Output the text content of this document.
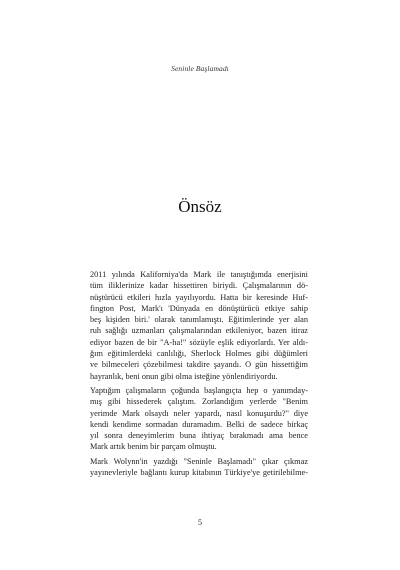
Seninle Başlamadı
Önsöz
2011 yılında Kaliforniya'da Mark ile tanıştığımda enerjisini
tüm iliklerinize kadar hissettiren biriydi. Çalışmalarının dö-
nüştürücü etkileri hızla yayılıyordu. Hatta bir keresinde Huf-
fington Post, Mark'ı 'Dünyada en dönüştürücü etkiye sahip
beş kişiden biri.' olarak tanımlamıştı. Eğitimlerinde yer alan
ruh sağlığı uzmanları çalışmalarından etkileniyor, bazen itiraz
ediyor bazen de bir "A-ha!" sözüyle eşlik ediyorlardı. Yer aldı-
ğım eğitimlerdeki canlılığı, Sherlock Holmes gibi düğümleri
ve bilmeceleri çözebilmesi takdire şayandı. O gün hissettiğim
hayranlık, beni onun gibi olma isteğine yönlendiriyordu.
Yaptığım çalışmaların çoğunda başlangıçta hep o yanımday-
mış gibi hissederek çalıştım. Zorlandığım yerlerde "Benim
yerimde Mark olsaydı neler yapardı, nasıl konuşurdu?" diye
kendi kendime sormadan duramadım. Belki de sadece birkaç
yıl sonra deneyimlerim buna ihtiyaç bırakmadı ama bence
Mark artık benim bir parçam olmuştu.
Mark Wolynn'in yazdığı "Seninle Başlamadı" çıkar çıkmaz
yayınevleriyle bağlantı kurup kitabının Türkiye'ye getirilebilme-
5
